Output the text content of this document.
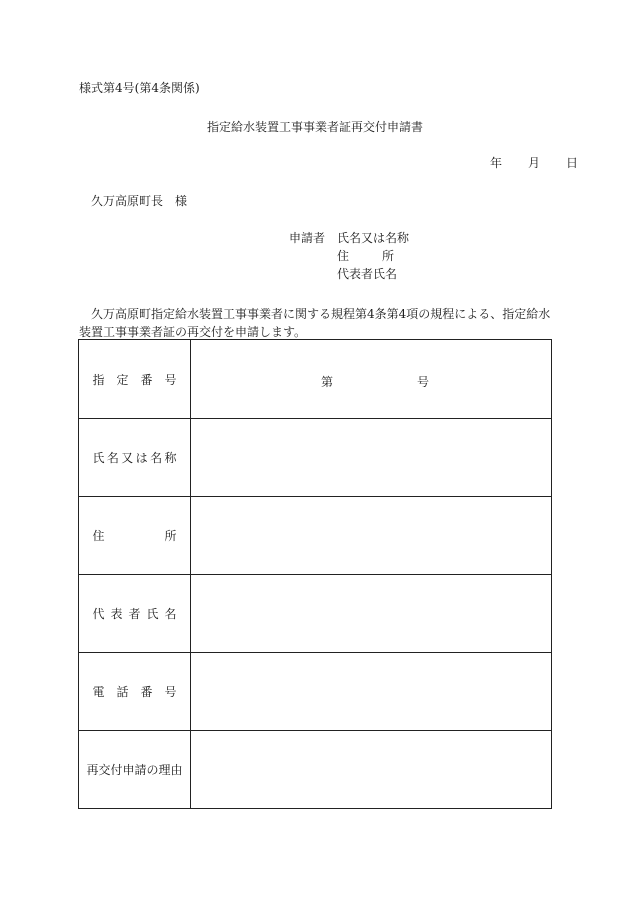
様式第4号(第4条関係)
指定給水装置工事事業者証再交付申請書
年 月 日
久万高原町長　様
申請者 氏名又は名称
住	所
代表者氏名
久万高原町指定給水装置工事事業者に関する規程第4条第4項の規程による、指定給水装置工事事業者証の再交付を申請します。
指 定 番 号	第	号
氏 名 又 は 名 称
住	所
代 表 者 氏 名
電 話 番 号
再交付申請の理由
